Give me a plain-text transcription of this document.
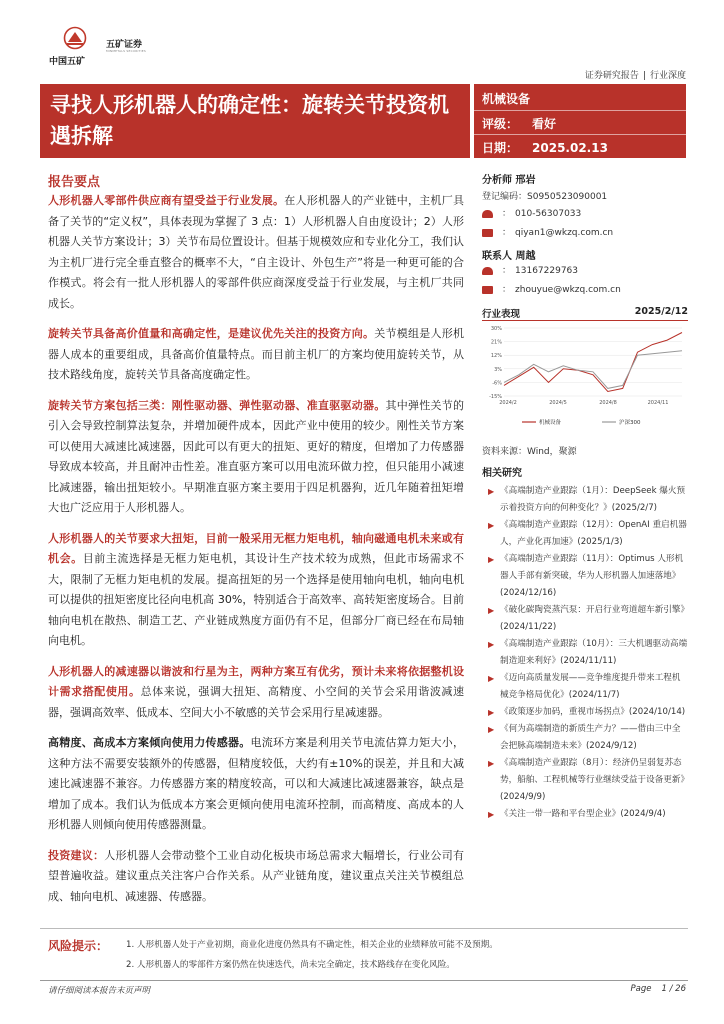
中国五矿
五矿证券
MINMETALS SECURITIES
证券研究报告 | 行业深度
寻找人形机器人的确定性：旋转关节投资机遇拆解
机械设备
评级： 看好
日期： 2025.02.13
报告要点

人形机器人零部件供应商有望受益于行业发展。在人形机器人的产业链中，主机厂具备了关节的“定义权”，具体表现为掌握了 3 点：1）人形机器人自由度设计；2）人形机器人关节方案设计；3）关节布局位置设计。但基于规模效应和专业化分工，我们认为主机厂进行完全垂直整合的概率不大，“自主设计、外包生产”将是一种更可能的合作模式。将会有一批人形机器人的零部件供应商深度受益于行业发展，与主机厂共同成长。

旋转关节具备高价值量和高确定性，是建议优先关注的投资方向。关节模组是人形机器人成本的重要组成，具备高价值量特点。而目前主机厂的方案均使用旋转关节，从技术路线角度，旋转关节具备高度确定性。

旋转关节方案包括三类：刚性驱动器、弹性驱动器、准直驱驱动器。其中弹性关节的引入会导致控制算法复杂，并增加硬件成本，因此产业中使用的较少。刚性关节方案可以使用大减速比减速器，因此可以有更大的扭矩、更好的精度，但增加了力传感器导致成本较高，并且耐冲击性差。准直驱方案可以用电流环做力控，但只能用小减速比减速器，输出扭矩较小。早期准直驱方案主要用于四足机器狗，近几年随着扭矩增大也广泛应用于人形机器人。

人形机器人的关节要求大扭矩，目前一般采用无框力矩电机，轴向磁通电机未来或有机会。目前主流选择是无框力矩电机，其设计生产技术较为成熟，但此市场需求不大，限制了无框力矩电机的发展。提高扭矩的另一个选择是使用轴向电机，轴向电机可以提供的扭矩密度比径向电机高 30%，特别适合于高效率、高转矩密度场合。目前轴向电机在散热、制造工艺、产业链成熟度方面仍有不足，但部分厂商已经在布局轴向电机。

人形机器人的减速器以谐波和行星为主，两种方案互有优劣，预计未来将依据整机设计需求搭配使用。总体来说，强调大扭矩、高精度、小空间的关节会采用谐波减速器，强调高效率、低成本、空间大小不敏感的关节会采用行星减速器。

高精度、高成本方案倾向使用力传感器。电流环方案是利用关节电流估算力矩大小，这种方法不需要安装额外的传感器，但精度较低，大约有±10%的误差，并且和大减速比减速器不兼容。力传感器方案的精度较高，可以和大减速比减速器兼容，缺点是增加了成本。我们认为低成本方案会更倾向使用电流环控制，而高精度、高成本的人形机器人则倾向使用传感器测量。

投资建议：人形机器人会带动整个工业自动化板块市场总需求大幅增长，行业公司有望普遍收益。建议重点关注客户合作关系。从产业链角度，建议重点关注关节模组总成、轴向电机、减速器、传感器。

分析师 邢岩
登记编码：S0950523090001
： 010-56307033
： qiyan1@wkzq.com.cn
联系人 周越
： 13167229763
： zhouyue@wkzq.com.cn
行业表现	2025/2/12
30%
21%
12%
3%
-6%
-15%
2024/2	2024/5	2024/8	2024/11
机械设备	沪深300
资料来源：Wind，聚源
相关研究
▶ 《高端制造产业跟踪（1月）：DeepSeek 爆火预示着投资方向的何种变化？》(2025/2/7)
▶ 《高端制造产业跟踪（12月）：OpenAI 重启机器人，产业化再加速》(2025/1/3)
▶ 《高端制造产业跟踪（11月）：Optimus 人形机器人手部有新突破，华为人形机器人加速落地》(2024/12/16)
▶ 《破化碳陶瓷蒸汽泵：开启行业弯道超车新引擎》(2024/11/22)
▶ 《高端制造产业跟踪（10月）：三大机遇驱动高端制造迎来利好》(2024/11/11)
▶ 《迈向高质量发展——竞争维度提升带来工程机械竞争格局优化》(2024/11/7)
▶ 《政策逐步加码，重视市场拐点》(2024/10/14)
▶ 《何为高端制造的新质生产力？——借由三中全会把脉高端制造未来》(2024/9/12)
▶ 《高端制造产业跟踪（8月）：经济仍呈弱复苏态势，船舶、工程机械等行业继续受益于设备更新》(2024/9/9)
▶ 《关注一带一路和平台型企业》(2024/9/4)
风险提示： 1. 人形机器人处于产业初期，商业化进度仍然具有不确定性，相关企业的业绩释放可能不及预期。
2. 人形机器人的零部件方案仍然在快速迭代，尚未完全确定，技术路线存在变化风险。
请仔细阅读本报告末页声明	Page 1 / 26
